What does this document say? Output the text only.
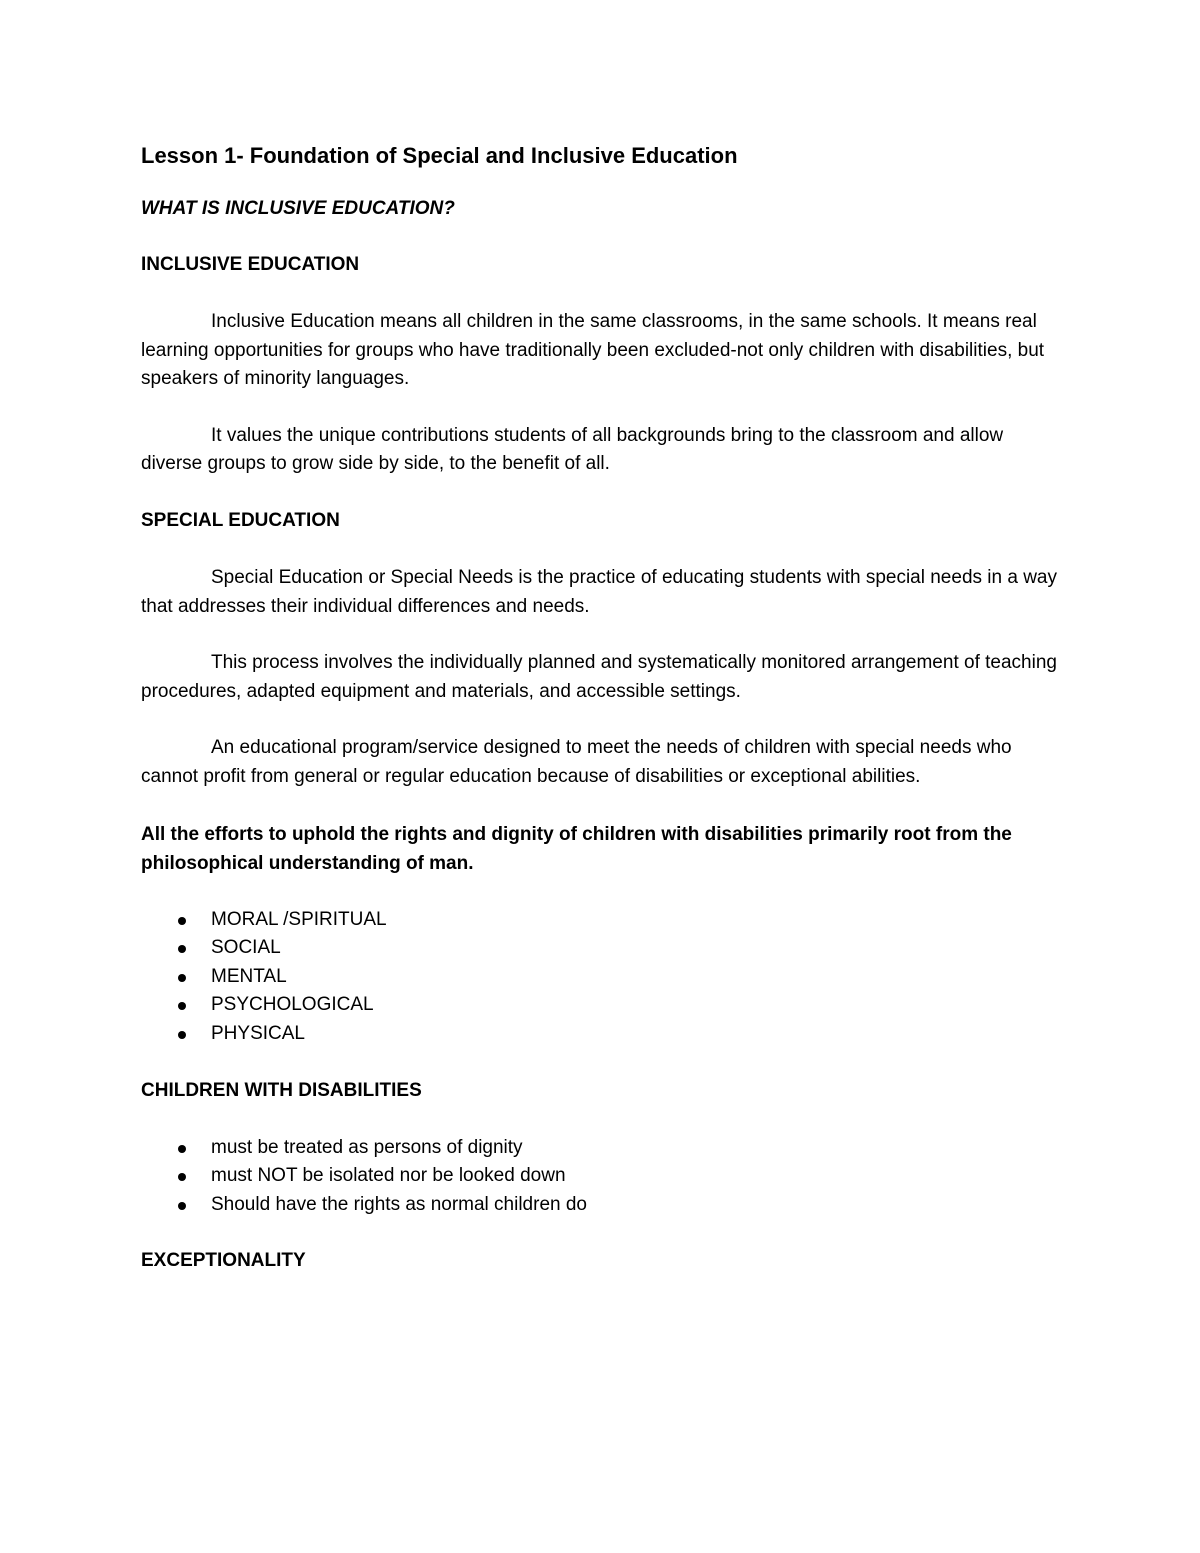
Lesson 1- Foundation of Special and Inclusive Education
WHAT IS INCLUSIVE EDUCATION?
INCLUSIVE EDUCATION

Inclusive Education means all children in the same classrooms, in the same schools. It means real learning opportunities for groups who have traditionally been excluded-not only children with disabilities, but speakers of minority languages.

It values the unique contributions students of all backgrounds bring to the classroom and allow diverse groups to grow side by side, to the benefit of all.

SPECIAL EDUCATION

Special Education or Special Needs is the practice of educating students with special needs in a way that addresses their individual differences and needs.

This process involves the individually planned and systematically monitored arrangement of teaching procedures, adapted equipment and materials, and accessible settings.

An educational program/service designed to meet the needs of children with special needs who cannot profit from general or regular education because of disabilities or exceptional abilities.

All the efforts to uphold the rights and dignity of children with disabilities primarily root from the philosophical understanding of man.

MORAL /SPIRITUAL
SOCIAL
MENTAL
PSYCHOLOGICAL
PHYSICAL
CHILDREN WITH DISABILITIES
must be treated as persons of dignity
must NOT be isolated nor be looked down
Should have the rights as normal children do
EXCEPTIONALITY
